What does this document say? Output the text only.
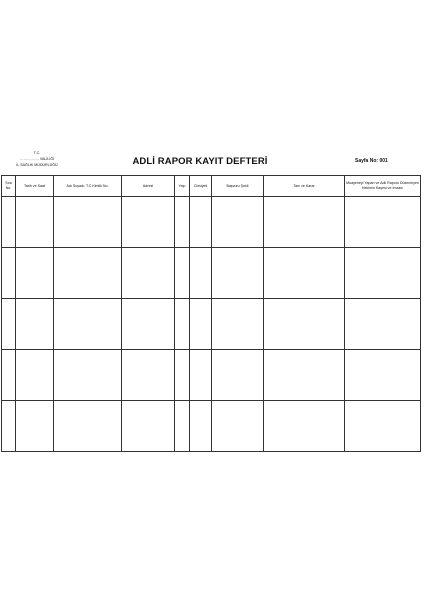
T.C.
……………. VALİLİĞİ
İL SAĞLIK MÜDÜRLÜĞÜ	ADLİ RAPOR KAYIT DEFTERİ	Sayfa No: 001
Sıra No.	Tarih ve Saat	Adı Soyadı; T.C Kimlik No.	Adresi	Yaşı	Cinsiyeti	Başvuru Şekli	Tanı ve Karar	Muayeneyi Yapan ve Adli Raporu Düzenleyen Hekimin Kaşesi ve İmzası
